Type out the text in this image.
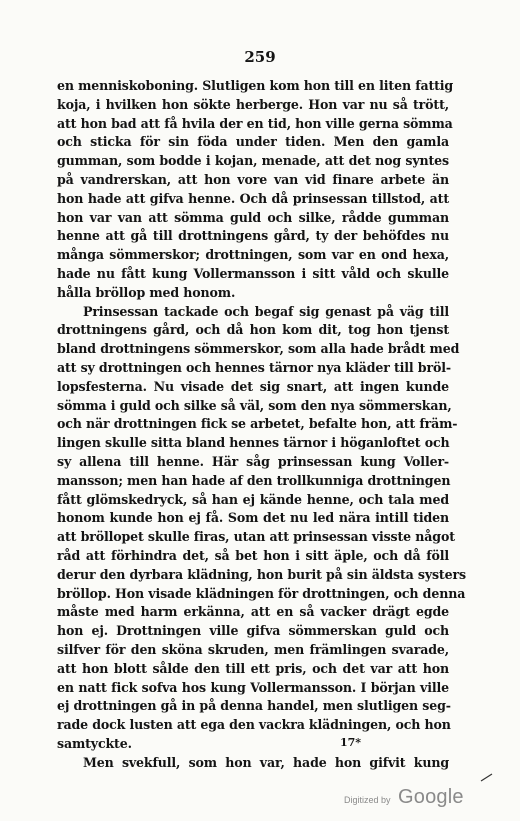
259
en menniskoboning. Slutligen kom hon till en liten fattig
koja, i hvilken hon sökte herberge. Hon var nu så trött,
att hon bad att få hvila der en tid, hon ville gerna sömma
och sticka för sin föda under tiden. Men den gamla
gumman, som bodde i kojan, menade, att det nog syntes
på vandrerskan, att hon vore van vid finare arbete än
hon hade att gifva henne. Och då prinsessan tillstod, att
hon var van att sömma guld och silke, rådde gumman
henne att gå till drottningens gård, ty der behöfdes nu
många sömmerskor; drottningen, som var en ond hexa,
hade nu fått kung Vollermansson i sitt våld och skulle
hålla bröllop med honom.
Prinsessan tackade och begaf sig genast på väg till
drottningens gård, och då hon kom dit, tog hon tjenst
bland drottningens sömmerskor, som alla hade brådt med
att sy drottningen och hennes tärnor nya kläder till bröl-
lopsfesterna. Nu visade det sig snart, att ingen kunde
sömma i guld och silke så väl, som den nya sömmerskan,
och när drottningen fick se arbetet, befalte hon, att främ-
lingen skulle sitta bland hennes tärnor i höganloftet och
sy allena till henne. Här såg prinsessan kung Voller-
mansson; men han hade af den trollkunniga drottningen
fått glömskedryck, så han ej kände henne, och tala med
honom kunde hon ej få. Som det nu led nära intill tiden
att bröllopet skulle firas, utan att prinsessan visste något
råd att förhindra det, så bet hon i sitt äple, och då föll
derur den dyrbara klädning, hon burit på sin äldsta systers
bröllop. Hon visade klädningen för drottningen, och denna
måste med harm erkänna, att en så vacker drägt egde
hon ej. Drottningen ville gifva sömmerskan guld och
silfver för den sköna skruden, men främlingen svarade,
att hon blott sålde den till ett pris, och det var att hon
en natt fick sofva hos kung Vollermansson. I början ville
ej drottningen gå in på denna handel, men slutligen seg-
rade dock lusten att ega den vackra klädningen, och hon
samtyckte.
Men svekfull, som hon var, hade hon gifvit kung
17*
Digitized by Google
